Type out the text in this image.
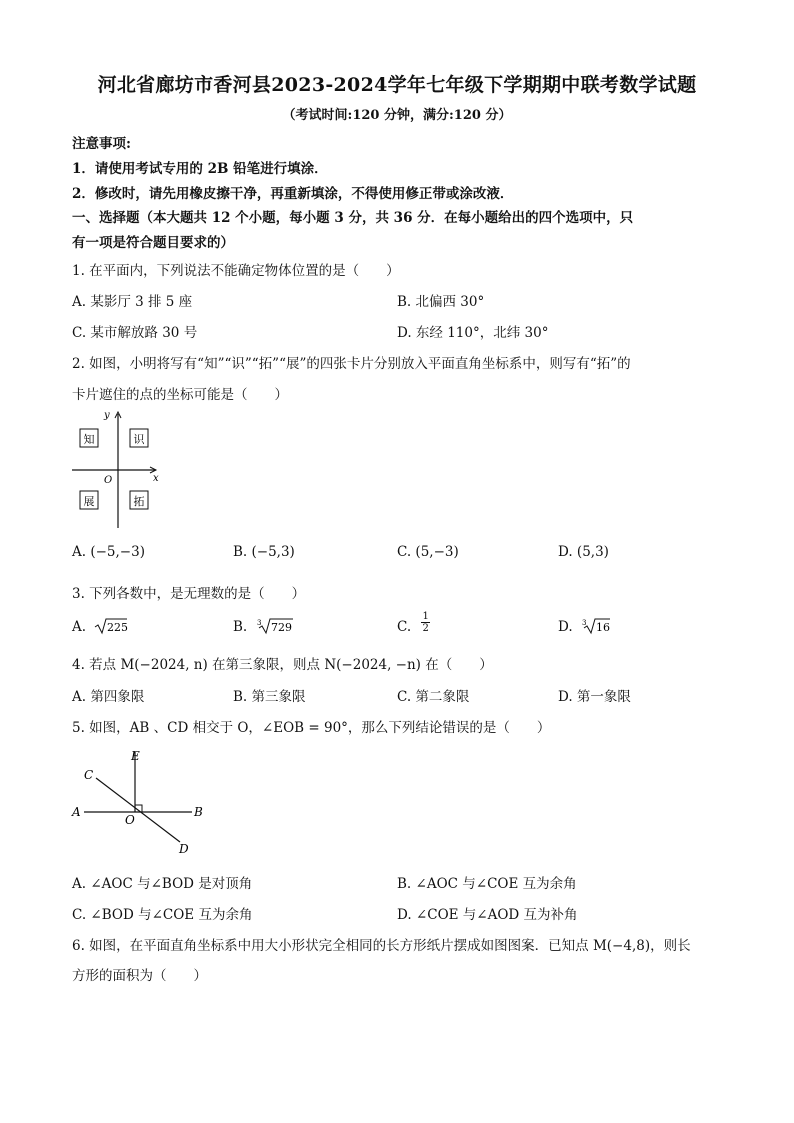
河北省廊坊市香河县2023-2024学年七年级下学期期中联考数学试题
（考试时间:120 分钟，满分:120 分）
注意事项:
1．请使用考试专用的 2B 铅笔进行填涂．
2．修改时，请先用橡皮擦干净，再重新填涂，不得使用修正带或涂改液．
一、选择题（本大题共 12 个小题，每小题 3 分，共 36 分．在每小题给出的四个选项中，只
有一项是符合题目要求的）
1. 在平面内，下列说法不能确定物体位置的是（　　）
A. 某影厅 3 排 5 座	B. 北偏西 30°
C. 某市解放路 30 号	D. 东经 110°，北纬 30°
2. 如图，小明将写有“知”“识”“拓”“展”的四张卡片分别放入平面直角坐标系中，则写有“拓”的
卡片遮住的点的坐标可能是（　　）
y
x
O
知	识
展	拓
A. (−5,−3)	B. (−5,3)	C. (5,−3)	D. (5,3)
3. 下列各数中，是无理数的是（　　）
A. 225	B. 3 729	C. $\frac{1}{2}$	D. 3 16
4. 若点 M(−2024, n) 在第三象限，则点 N(−2024, −n) 在（　　）
A. 第四象限	B. 第三象限	C. 第二象限	D. 第一象限
5. 如图，AB 、CD 相交于 O，∠EOB = 90°，那么下列结论错误的是（　　）
E
C
A
O
B
D
A. ∠AOC 与∠BOD 是对顶角	B. ∠AOC 与∠COE 互为余角
C. ∠BOD 与∠COE 互为余角	D. ∠COE 与∠AOD 互为补角
6. 如图，在平面直角坐标系中用大小形状完全相同的长方形纸片摆成如图图案．已知点 M(−4,8)，则长
方形的面积为（　　）
